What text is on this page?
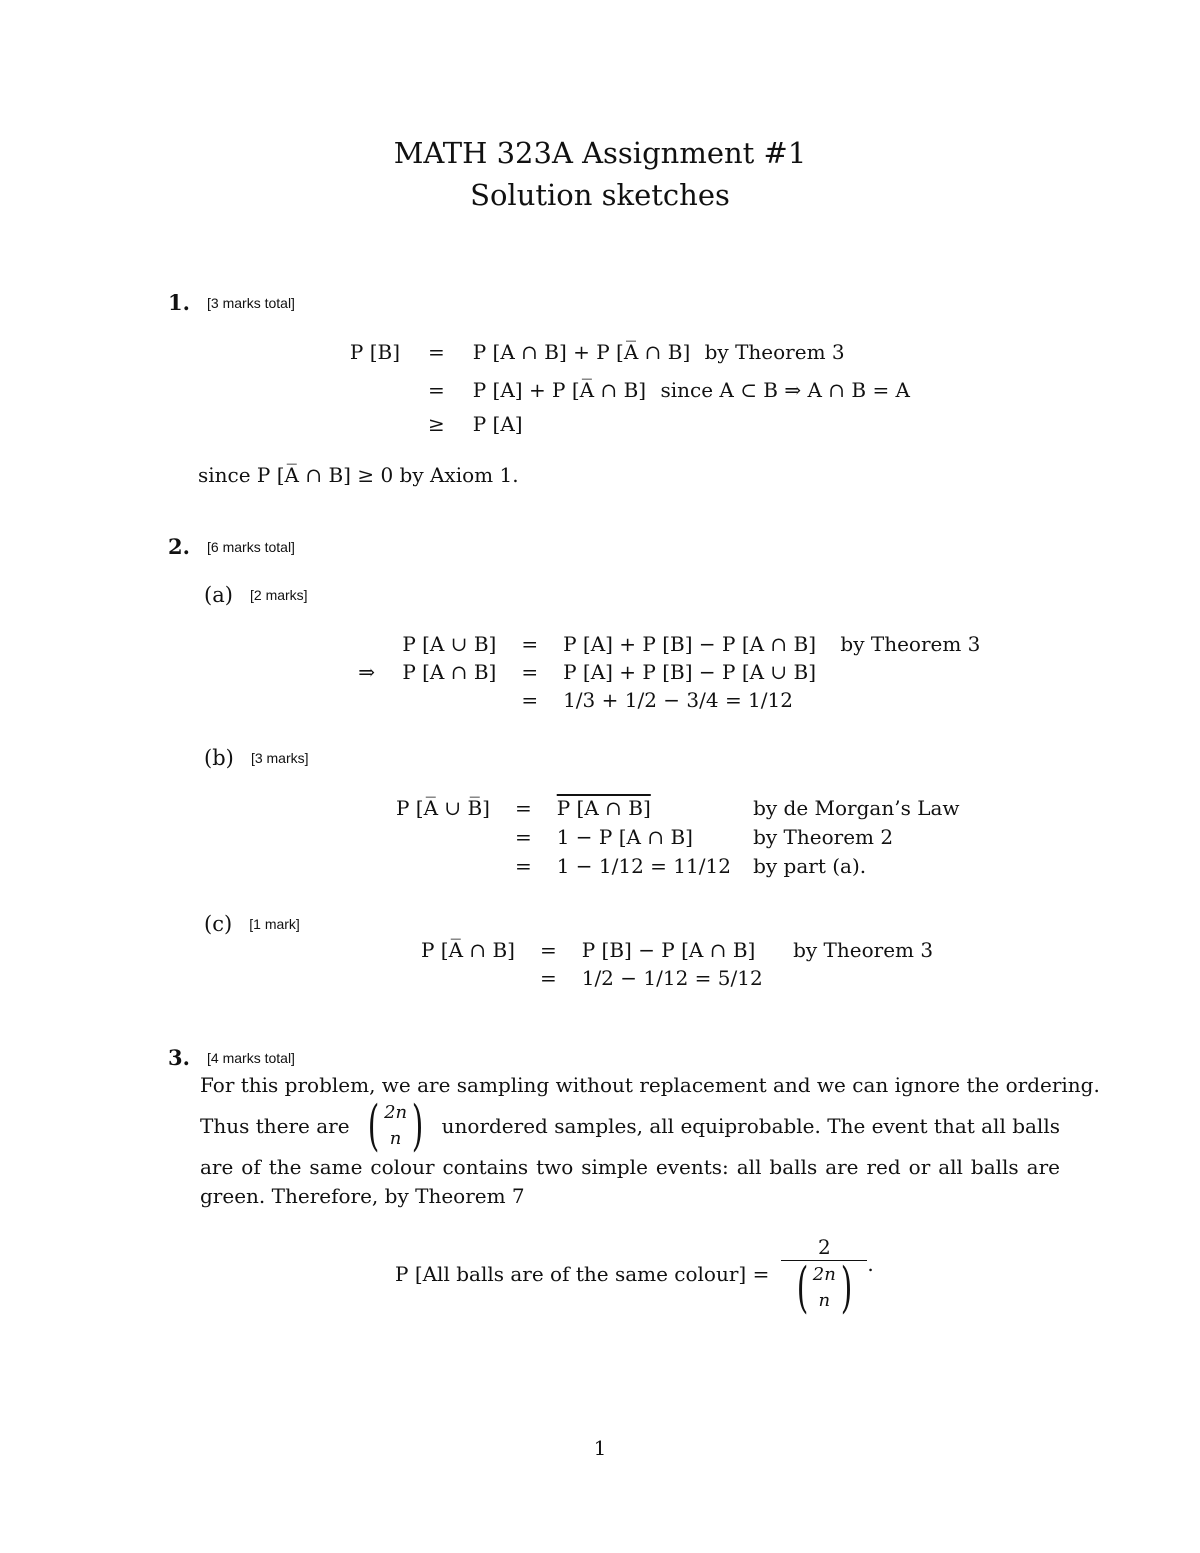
MATH 323A Assignment #1
Solution sketches
1. [3 marks total]
P [B] = P [A ∩ B] + P [A̅ ∩ B] by Theorem 3
= P [A] + P [A̅ ∩ B] since A ⊂ B ⇒ A ∩ B = A
≥ P [A]
since P [A̅ ∩ B] ≥ 0 by Axiom 1.
2. [6 marks total]
(a) [2 marks]
P [A ∪ B] = P [A] + P [B] − P [A ∩ B] by Theorem 3
⇒ P [A ∩ B] = P [A] + P [B] − P [A ∪ B]
= 1/3 + 1/2 − 3/4 = 1/12
(b) [3 marks]
P [A̅ ∪ B̅] = P [A ∩ B]	by de Morgan’s Law
= 1 − P [A ∩ B]	by Theorem 2
= 1 − 1/12 = 11/12 by part (a).
(c) [1 mark]
P [A̅ ∩ B] = P [B] − P [A ∩ B] by Theorem 3
= 1/2 − 1/12 = 5/12
3. [4 marks total]
For this problem, we are sampling without replacement and we can ignore the ordering.
Thus there are ( 2n
n ) unordered samples, all equiprobable. The event that all balls
are of the same colour contains two simple events: all balls are red or all balls are
green. Therefore, by Theorem 7
P [All balls are of the same colour] =
2
( 2n
n ) .
1
